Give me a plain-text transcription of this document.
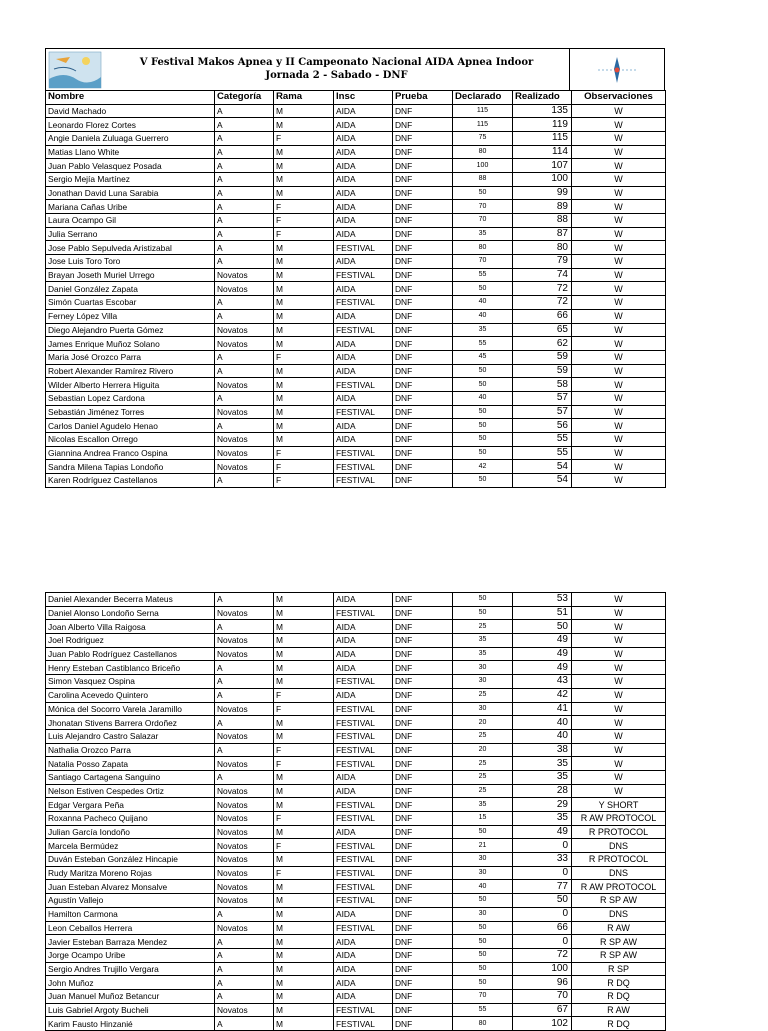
V Festival Makos Apnea y II Campeonato Nacional AIDA Apnea Indoor
Jornada 2 - Sabado - DNF
Nombre	Categoría	Rama	Insc	Prueba	Declarado	Realizado	Observaciones
David Machado	A	M	AIDA	DNF	115	135	W
Leonardo Florez Cortes	A	M	AIDA	DNF	115	119	W
Angie Daniela Zuluaga Guerrero	A	F	AIDA	DNF	75	115	W
Matias Llano White	A	M	AIDA	DNF	80	114	W
Juan Pablo Velasquez Posada	A	M	AIDA	DNF	100	107	W
Sergio Mejía Martínez	A	M	AIDA	DNF	88	100	W
Jonathan David Luna Sarabia	A	M	AIDA	DNF	50	99	W
Mariana Cañas Uribe	A	F	AIDA	DNF	70	89	W
Laura Ocampo Gil	A	F	AIDA	DNF	70	88	W
Julia Serrano	A	F	AIDA	DNF	35	87	W
Jose Pablo Sepulveda Aristizabal	A	M	FESTIVAL	DNF	80	80	W
Jose Luis Toro Toro	A	M	AIDA	DNF	70	79	W
Brayan Joseth Muriel Urrego	Novatos	M	FESTIVAL	DNF	55	74	W
Daniel González Zapata	Novatos	M	AIDA	DNF	50	72	W
Simón Cuartas Escobar	A	M	FESTIVAL	DNF	40	72	W
Ferney López Villa	A	M	AIDA	DNF	40	66	W
Diego Alejandro Puerta Gómez	Novatos	M	FESTIVAL	DNF	35	65	W
James Enrique Muñoz Solano	Novatos	M	AIDA	DNF	55	62	W
Maria José Orozco Parra	A	F	AIDA	DNF	45	59	W
Robert Alexander Ramírez Rivero	A	M	AIDA	DNF	50	59	W
Wilder Alberto Herrera Higuita	Novatos	M	FESTIVAL	DNF	50	58	W
Sebastian Lopez Cardona	A	M	AIDA	DNF	40	57	W
Sebastián Jiménez Torres	Novatos	M	FESTIVAL	DNF	50	57	W
Carlos Daniel Agudelo Henao	A	M	AIDA	DNF	50	56	W
Nicolas Escallon Orrego	Novatos	M	AIDA	DNF	50	55	W
Giannina Andrea Franco Ospina	Novatos	F	FESTIVAL	DNF	50	55	W
Sandra Milena Tapias Londoño	Novatos	F	FESTIVAL	DNF	42	54	W
Karen Rodríguez Castellanos	A	F	FESTIVAL	DNF	50	54	W
Daniel Alexander Becerra Mateus	A	M	AIDA	DNF	50	53	W
Daniel Alonso Londoño Serna	Novatos	M	FESTIVAL	DNF	50	51	W
Joan Alberto Villa Raigosa	A	M	AIDA	DNF	25	50	W
Joel Rodriguez	Novatos	M	AIDA	DNF	35	49	W
Juan Pablo Rodríguez Castellanos	Novatos	M	AIDA	DNF	35	49	W
Henry Esteban Castiblanco Briceño	A	M	AIDA	DNF	30	49	W
Simon Vasquez Ospina	A	M	FESTIVAL	DNF	30	43	W
Carolina Acevedo Quintero	A	F	AIDA	DNF	25	42	W
Mónica del Socorro Varela Jaramillo	Novatos	F	FESTIVAL	DNF	30	41	W
Jhonatan Stivens Barrera Ordoñez	A	M	FESTIVAL	DNF	20	40	W
Luis Alejandro Castro Salazar	Novatos	M	FESTIVAL	DNF	25	40	W
Nathalia Orozco Parra	A	F	FESTIVAL	DNF	20	38	W
Natalia Posso Zapata	Novatos	F	FESTIVAL	DNF	25	35	W
Santiago Cartagena Sanguino	A	M	AIDA	DNF	25	35	W
Nelson Estiven Cespedes Ortiz	Novatos	M	AIDA	DNF	25	28	W
Edgar Vergara Peña	Novatos	M	FESTIVAL	DNF	35	29	Y SHORT
Roxanna Pacheco Quijano	Novatos	F	FESTIVAL	DNF	15	35	R AW PROTOCOL
Julian García Iondoño	Novatos	M	AIDA	DNF	50	49	R PROTOCOL
Marcela Bermúdez	Novatos	F	FESTIVAL	DNF	21	0	DNS
Duván Esteban González Hincapie	Novatos	M	FESTIVAL	DNF	30	33	R PROTOCOL
Rudy Maritza Moreno Rojas	Novatos	F	FESTIVAL	DNF	30	0	DNS
Juan Esteban Alvarez Monsalve	Novatos	M	FESTIVAL	DNF	40	77	R AW PROTOCOL
Agustín Vallejo	Novatos	M	FESTIVAL	DNF	50	50	R SP AW
Hamilton Carmona	A	M	AIDA	DNF	30	0	DNS
Leon Ceballos Herrera	Novatos	M	FESTIVAL	DNF	50	66	R AW
Javier Esteban Barraza Mendez	A	M	AIDA	DNF	50	0	R SP AW
Jorge Ocampo Uribe	A	M	AIDA	DNF	50	72	R SP AW
Sergio Andres Trujillo Vergara	A	M	AIDA	DNF	50	100	R SP
John Muñoz	A	M	AIDA	DNF	50	96	R DQ
Juan Manuel Muñoz Betancur	A	M	AIDA	DNF	70	70	R DQ
Luis Gabriel Argoty Bucheli	Novatos	M	FESTIVAL	DNF	55	67	R AW
Karim Fausto Hinzanié	A	M	FESTIVAL	DNF	80	102	R DQ
